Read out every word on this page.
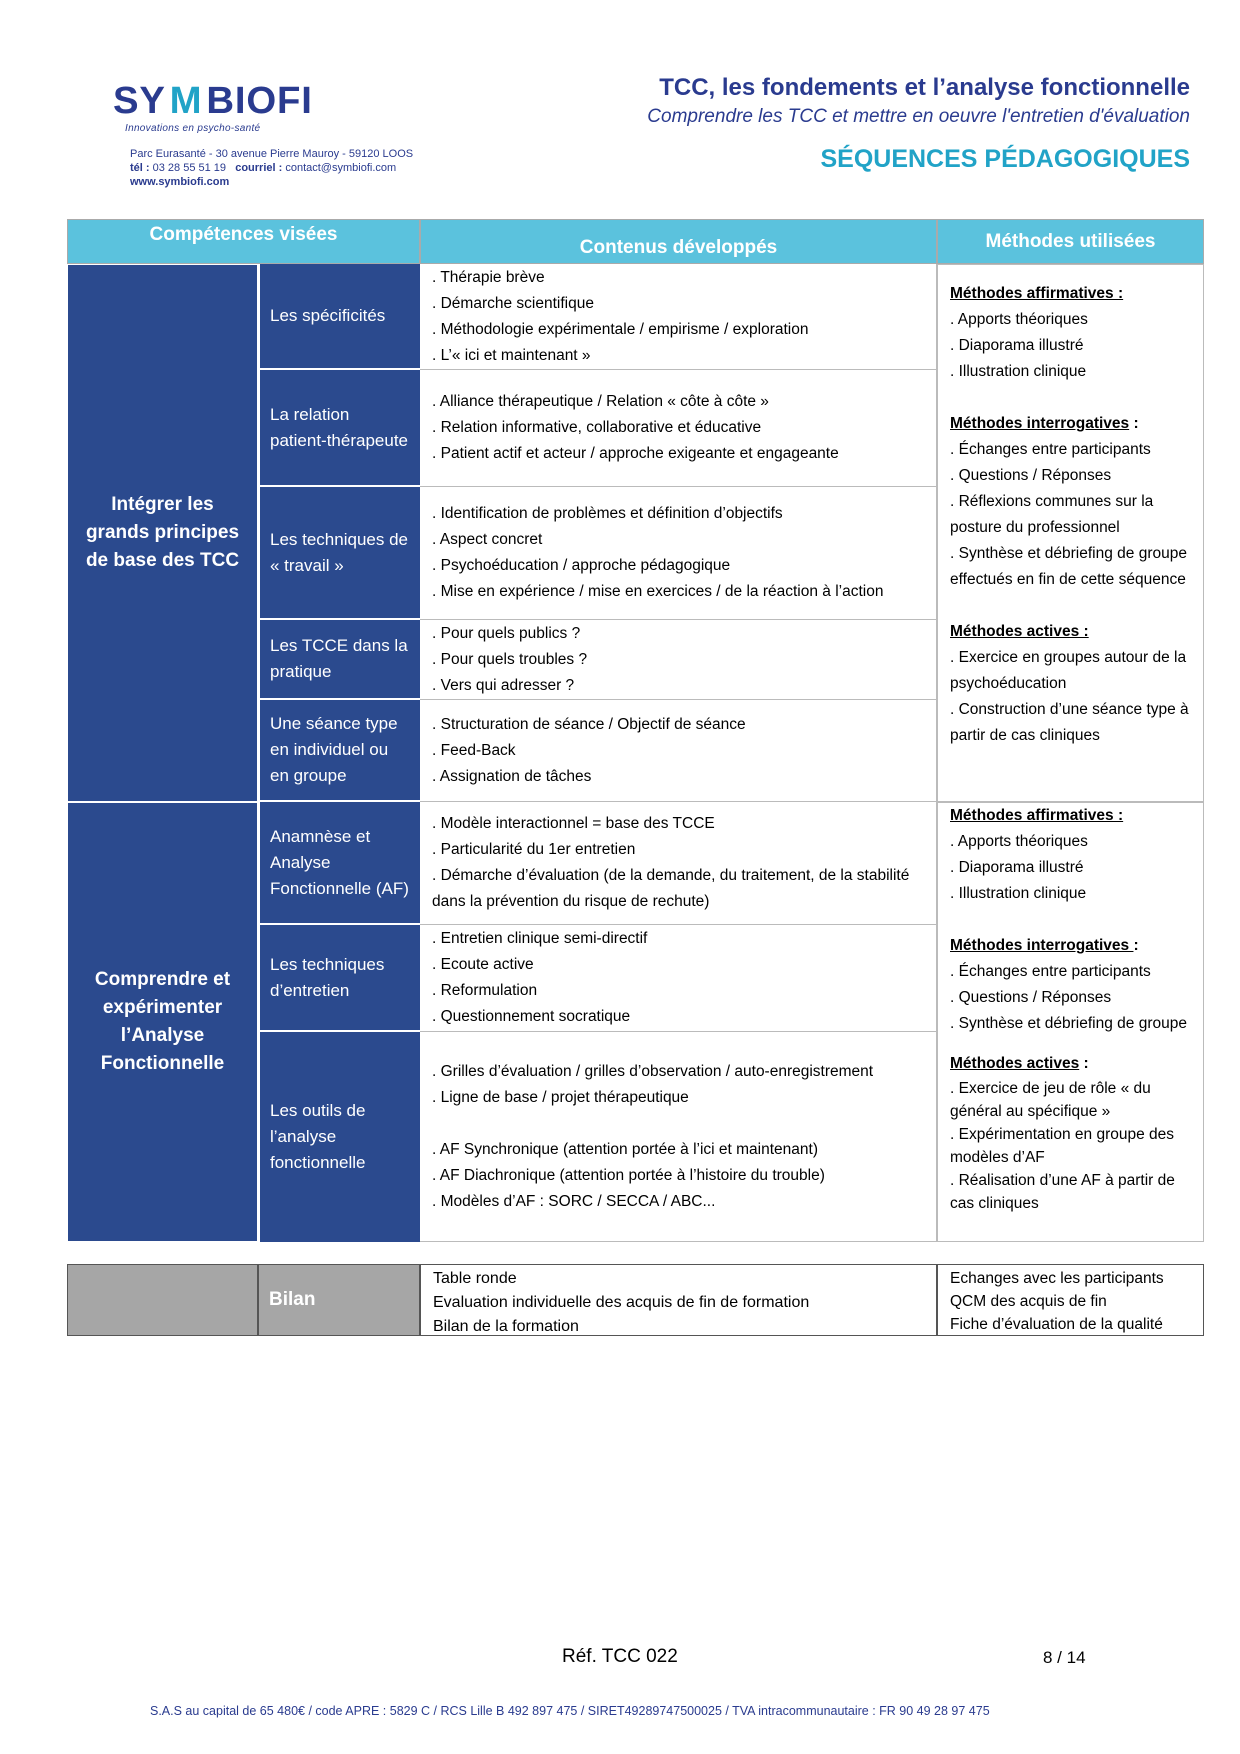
SY M BIOFI
Innovations en psycho-santé
Parc Eurasanté - 30 avenue Pierre Mauroy - 59120 LOOS
tél : 03 28 55 51 19 courriel : contact@symbiofi.com
www.symbiofi.com
TCC, les fondements et l’analyse fonctionnelle
Comprendre les TCC et mettre en oeuvre l'entretien d'évaluation
SÉQUENCES PÉDAGOGIQUES
Compétences visées
Contenus développés	Méthodes utilisées
Intégrer les grands principes de base des TCC
Les spécificités
. Thérapie brève
. Démarche scientifique
. Méthodologie expérimentale / empirisme / exploration
. L’« ici et maintenant »
La relation patient-thérapeute
. Alliance thérapeutique / Relation « côte à côte »
. Relation informative, collaborative et éducative
. Patient actif et acteur / approche exigeante et engageante
Les techniques de « travail »
. Identification de problèmes et définition d’objectifs
. Aspect concret
. Psychoéducation / approche pédagogique
. Mise en expérience / mise en exercices / de la réaction à l’action
Les TCCE dans la pratique
. Pour quels publics ?
. Pour quels troubles ?
. Vers qui adresser ?
Une séance type en individuel ou en groupe
. Structuration de séance / Objectif de séance
. Feed-Back
. Assignation de tâches
Méthodes affirmatives :
. Apports théoriques
. Diaporama illustré
. Illustration clinique
Méthodes interrogatives :
. Échanges entre participants
. Questions / Réponses
. Réflexions communes sur la posture du professionnel
. Synthèse et débriefing de groupe effectués en fin de cette séquence
Méthodes actives :
. Exercice en groupes autour de la psychoéducation
. Construction d’une séance type à partir de cas cliniques
Comprendre et expérimenter l’Analyse Fonctionnelle
Anamnèse et Analyse Fonctionnelle (AF)
. Modèle interactionnel = base des TCCE
. Particularité du 1er entretien
. Démarche d’évaluation (de la demande, du traitement, de la stabilité dans la prévention du risque de rechute)
Les techniques d’entretien
. Entretien clinique semi-directif
. Ecoute active
. Reformulation
. Questionnement socratique
Les outils de l’analyse fonctionnelle
. Grilles d’évaluation / grilles d’observation / auto-enregistrement
. Ligne de base / projet thérapeutique
. AF Synchronique (attention portée à l’ici et maintenant)
. AF Diachronique (attention portée à l’histoire du trouble)
. Modèles d’AF : SORC / SECCA / ABC...
Méthodes affirmatives :
. Apports théoriques
. Diaporama illustré
. Illustration clinique
Méthodes interrogatives :
. Échanges entre participants
. Questions / Réponses
. Synthèse et débriefing de groupe
Méthodes actives :
. Exercice de jeu de rôle « du général au spécifique »
. Expérimentation en groupe des modèles d’AF
. Réalisation d’une AF à partir de cas cliniques
Bilan
Table ronde
Evaluation individuelle des acquis de fin de formation
Bilan de la formation
Echanges avec les participants
QCM des acquis de fin
Fiche d’évaluation de la qualité
Réf. TCC 022	8 / 14
S.A.S au capital de 65 480€ / code APRE : 5829 C / RCS Lille B 492 897 475 / SIRET49289747500025 / TVA intracommunautaire : FR 90 49 28 97 475
